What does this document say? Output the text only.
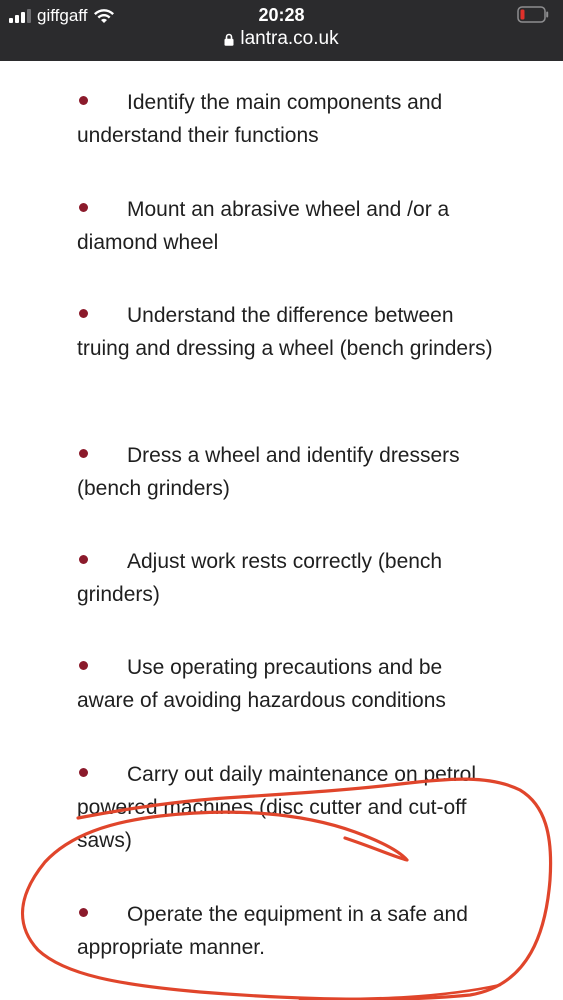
giffgaff	20:28
lantra.co.uk
Identify the main components and understand their functions
Mount an abrasive wheel and /or a diamond wheel
Understand the difference between truing and dressing a wheel (bench grinders)
Dress a wheel and identify dressers (bench grinders)
Adjust work rests correctly (bench grinders)
Use operating precautions and be aware of avoiding hazardous conditions
Carry out daily maintenance on petrol powered machines (disc cutter and cut-off saws)
Operate the equipment in a safe and appropriate manner.
